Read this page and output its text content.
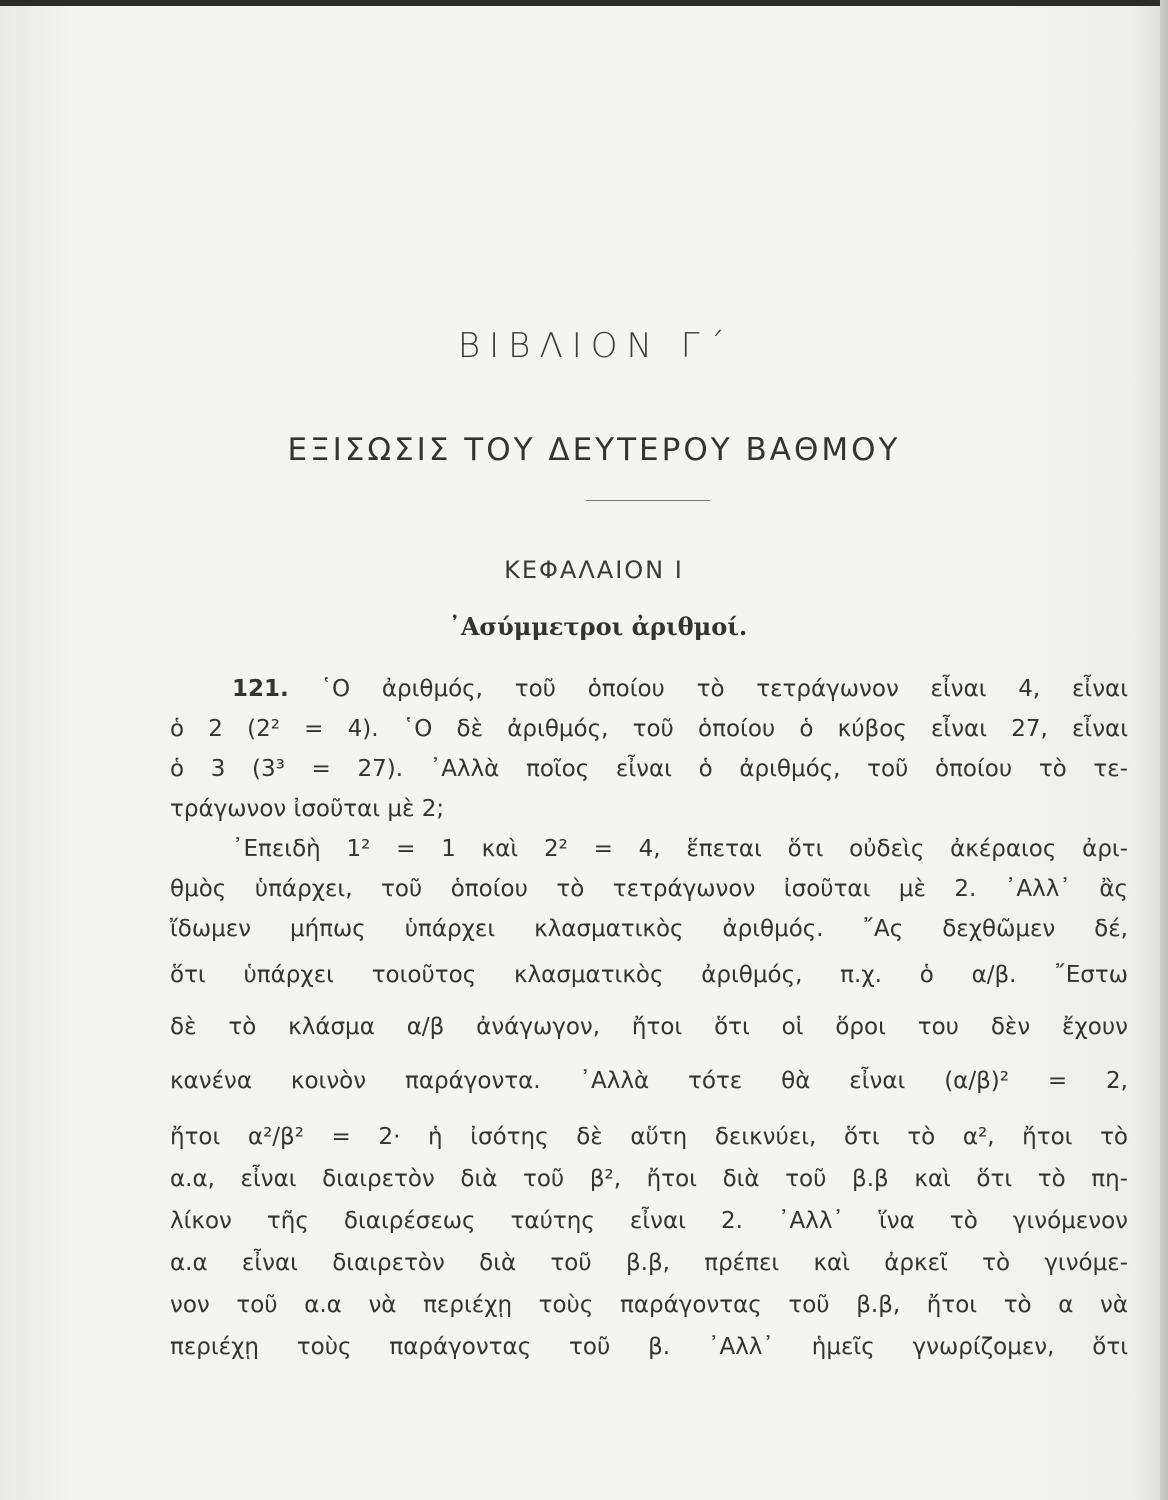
ΒΙΒΛΙΟΝ Γ΄
ΕΞΙΣΩΣΙΣ ΤΟΥ ΔΕΥΤΕΡΟΥ ΒΑΘΜΟΥ
ΚΕΦΑΛΑΙΟΝ Ι
᾽Ασύμμετροι ἀριθμοί.
121. ῾Ο ἀριθμός, τοῦ ὁποίου τὸ τετράγωνον εἶναι 4, εἶναι
ὁ 2 (2² = 4). ῾Ο δὲ ἀριθμός, τοῦ ὁποίου ὁ κύβος εἶναι 27, εἶναι
ὁ 3 (3³ = 27). ᾽Αλλὰ ποῖος εἶναι ὁ ἀριθμός, τοῦ ὁποίου τὸ τε-
τράγωνον ἰσοῦται μὲ 2;
᾽Επειδὴ 1² = 1 καὶ 2² = 4, ἕπεται ὅτι οὐδεὶς ἀκέραιος ἀρι-
θμὸς ὑπάρχει, τοῦ ὁποίου τὸ τετράγωνον ἰσοῦται μὲ 2. ᾽Αλλ᾽ ἂς
ἴδωμεν μήπως ὑπάρχει κλασματικὸς ἀριθμός. ῎Ας δεχθῶμεν δέ,
ὅτι ὑπάρχει τοιοῦτος κλασματικὸς ἀριθμός, π.χ. ὁ α/β. ῎Εστω
δὲ τὸ κλάσμα α/β ἀνάγωγον, ἤτοι ὅτι οἱ ὅροι του δὲν ἔχουν
κανένα κοινὸν παράγοντα. ᾽Αλλὰ τότε θὰ εἶναι (α/β)² = 2,
ἤτοι α²/β² = 2· ἡ ἰσότης δὲ αὕτη δεικνύει, ὅτι τὸ α², ἤτοι τὸ
α.α, εἶναι διαιρετὸν διὰ τοῦ β², ἤτοι διὰ τοῦ β.β καὶ ὅτι τὸ πη-
λίκον τῆς διαιρέσεως ταύτης εἶναι 2. ᾽Αλλ᾽ ἵνα τὸ γινόμενον
α.α εἶναι διαιρετὸν διὰ τοῦ β.β, πρέπει καὶ ἀρκεῖ τὸ γινόμε-
νον τοῦ α.α νὰ περιέχῃ τοὺς παράγοντας τοῦ β.β, ἤτοι τὸ α νὰ
περιέχῃ τοὺς παράγοντας τοῦ β. ᾽Αλλ᾽ ἡμεῖς γνωρίζομεν, ὅτι
